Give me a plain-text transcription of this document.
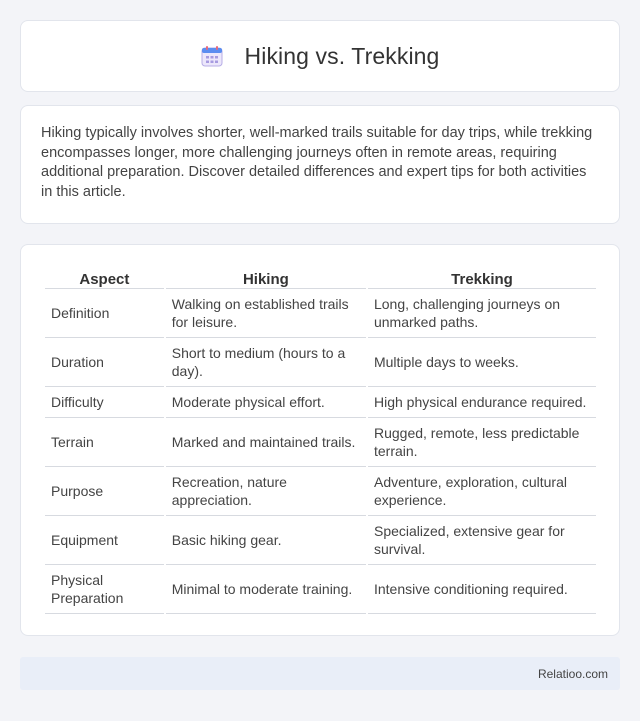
Hiking vs. Trekking

Hiking typically involves shorter, well-marked trails suitable for day trips, while trekking encompasses longer, more challenging journeys often in remote areas, requiring additional preparation. Discover detailed differences and expert tips for both activities in this article.

Aspect	Hiking	Trekking
Definition	Walking on established trails for leisure.	Long, challenging journeys on unmarked paths.
Duration	Short to medium (hours to a day).	Multiple days to weeks.
Difficulty	Moderate physical effort.	High physical endurance required.
Terrain	Marked and maintained trails.	Rugged, remote, less predictable terrain.
Purpose	Recreation, nature appreciation.	Adventure, exploration, cultural experience.
Equipment	Basic hiking gear.	Specialized, extensive gear for survival.
Physical Preparation	Minimal to moderate training.	Intensive conditioning required.
Relatioo.com
